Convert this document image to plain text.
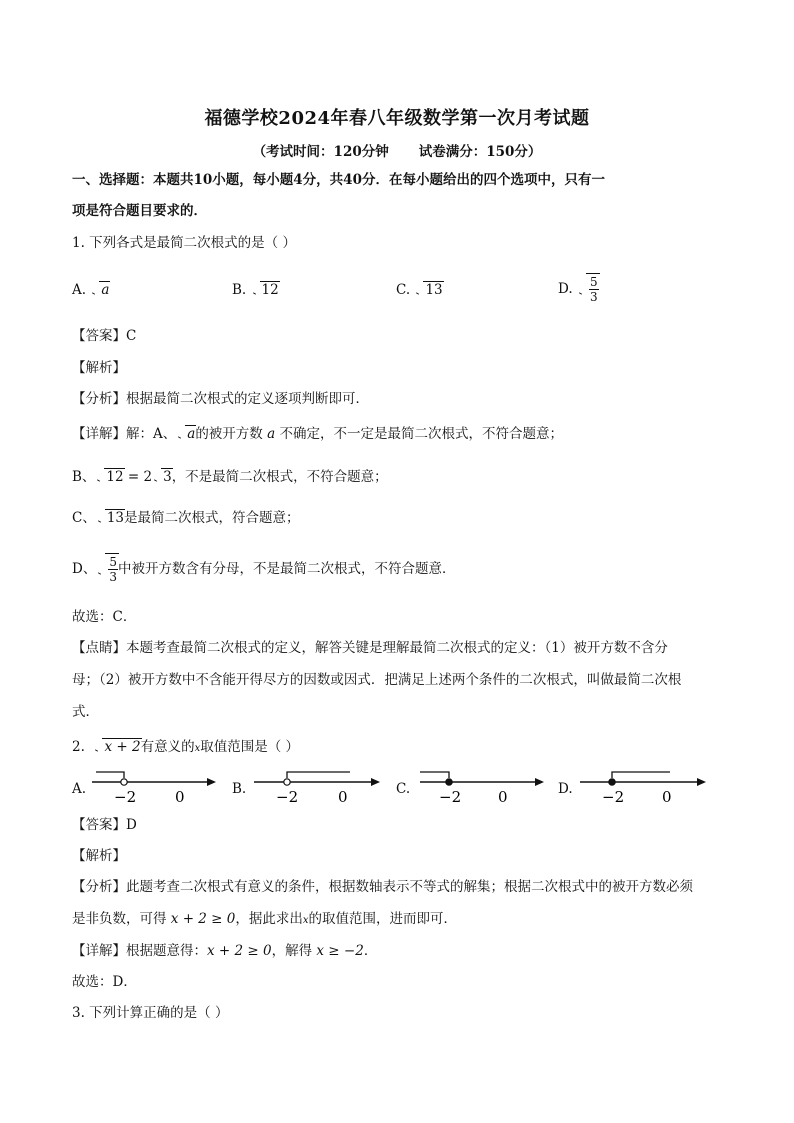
福德学校2024年春八年级数学第一次月考试题
（考试时间：120分钟 试卷满分：150分）
一、选择题：本题共10小题，每小题4分，共40分．在每小题给出的四个选项中，只有一
项是符合题目要求的．
1. 下列各式是最简二次根式的是（ ）
A. a	B. 12	C. 13	D. $\frac{5}{3}$
【答案】C
【解析】
【分析】根据最简二次根式的定义逐项判断即可．
【详解】解：A、 a的被开方数 a 不确定，不一定是最简二次根式，不符合题意；
B、 12 = 2 3，不是最简二次根式，不符合题意；
C、 13是最简二次根式，符合题意；
D、 $\frac{5}{3}$ 中被开方数含有分母，不是最简二次根式，不符合题意．
故选：C．
【点睛】本题考查最简二次根式的定义，解答关键是理解最简二次根式的定义：（1）被开方数不含分
母；（2）被开方数中不含能开得尽方的因数或因式．把满足上述两个条件的二次根式，叫做最简二次根
式．
2. x + 2有意义的x取值范围是（ ）
A. −2	0	B. −2	0	C. −2 0	D. −2	0
【答案】D
【解析】
【分析】此题考查二次根式有意义的条件，根据数轴表示不等式的解集；根据二次根式中的被开方数必须
是非负数，可得 x + 2 ≥ 0，据此求出x的取值范围，进而即可．
【详解】根据题意得：x + 2 ≥ 0，解得 x ≥ −2．
故选：D．
3. 下列计算正确的是（ ）
